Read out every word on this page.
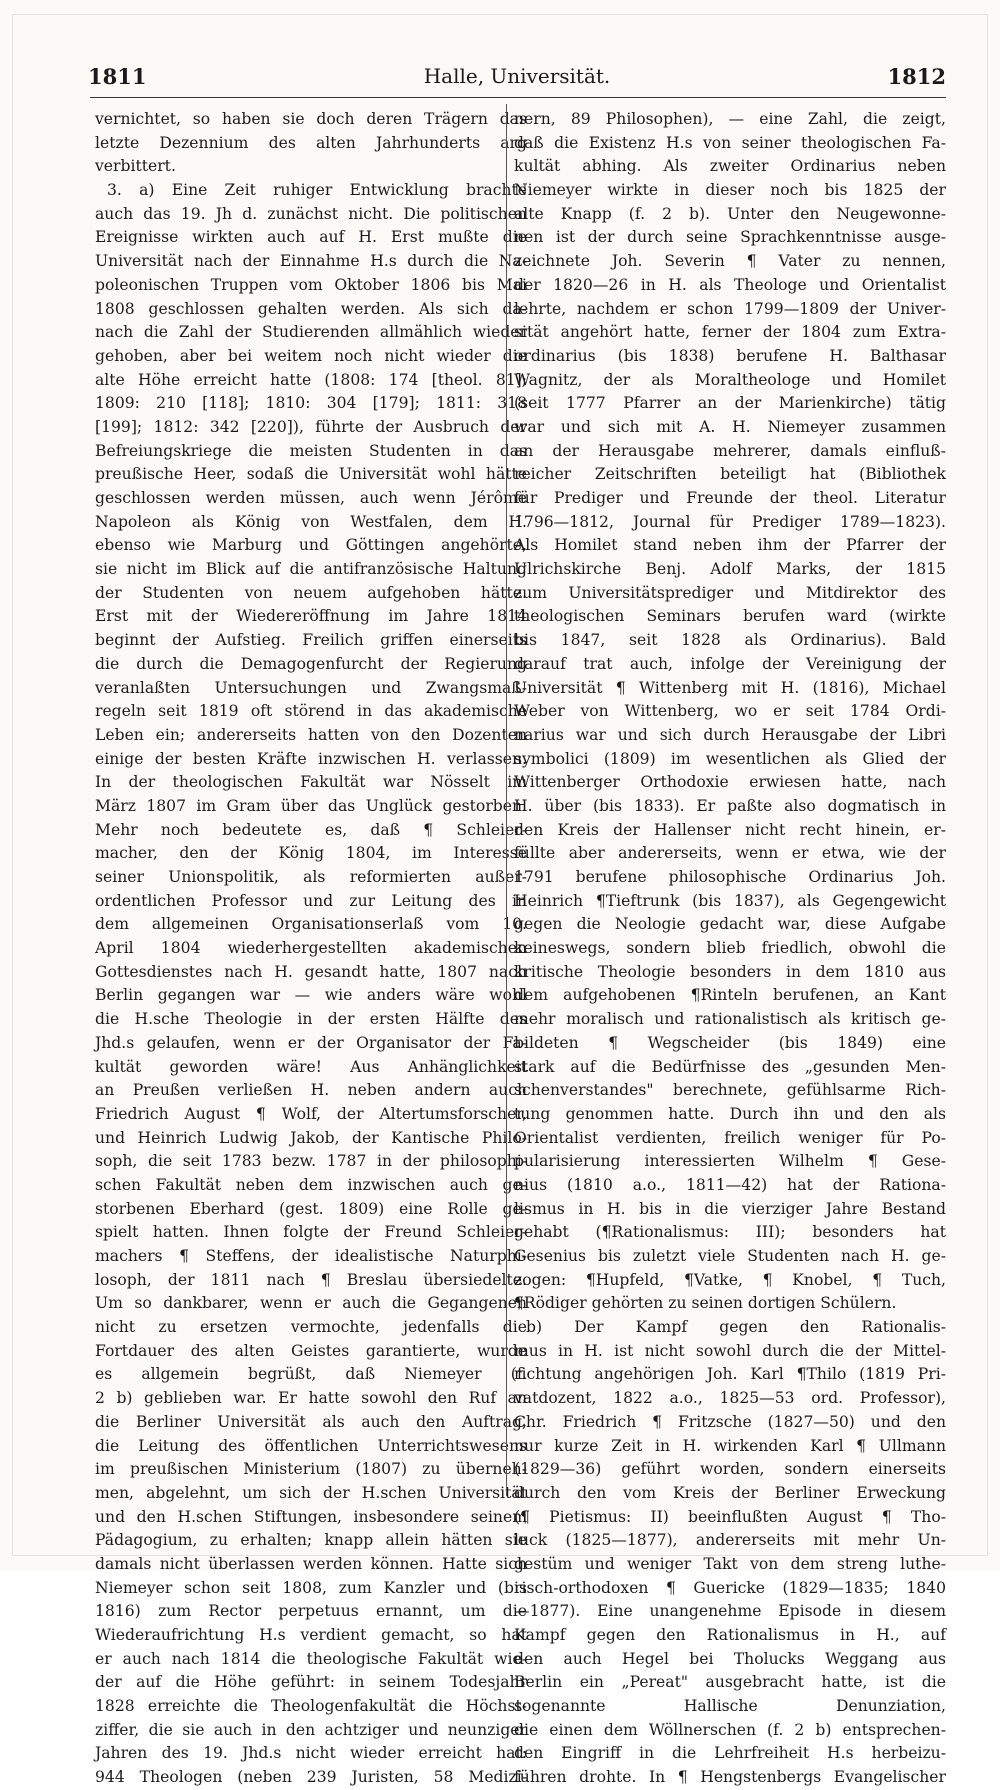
1811	Halle, Universität.	1812
vernichtet, so haben sie doch deren Trägern das
letzte Dezennium des alten Jahrhunderts arg
verbittert.
3. a) Eine Zeit ruhiger Entwicklung brachte
auch das 19. Jh d. zunächst nicht. Die politischen
Ereignisse wirkten auch auf H. Erst mußte die
Universität nach der Einnahme H.s durch die Na-
poleonischen Truppen vom Oktober 1806 bis Mai
1808 geschlossen gehalten werden. Als sich da-
nach die Zahl der Studierenden allmählich wieder
gehoben, aber bei weitem noch nicht wieder die
alte Höhe erreicht hatte (1808: 174 [theol. 81];
1809: 210 [118]; 1810: 304 [179]; 1811: 318
[199]; 1812: 342 [220]), führte der Ausbruch der
Befreiungskriege die meisten Studenten in das
preußische Heer, sodaß die Universität wohl hätte
geschlossen werden müssen, auch wenn Jérôme
Napoleon als König von Westfalen, dem H.
ebenso wie Marburg und Göttingen angehörte,
sie nicht im Blick auf die antifranzösische Haltung
der Studenten von neuem aufgehoben hätte.
Erst mit der Wiedereröffnung im Jahre 1814
beginnt der Aufstieg. Freilich griffen einerseits
die durch die Demagogenfurcht der Regierung
veranlaßten Untersuchungen und Zwangsmaß-
regeln seit 1819 oft störend in das akademische
Leben ein; andererseits hatten von den Dozenten
einige der besten Kräfte inzwischen H. verlassen.
In der theologischen Fakultät war Nösselt im
März 1807 im Gram über das Unglück gestorben.
Mehr noch bedeutete es, daß ¶ Schleier-
macher, den der König 1804, im Interesse
seiner Unionspolitik, als reformierten außer-
ordentlichen Professor und zur Leitung des in
dem allgemeinen Organisationserlaß vom 10.
April 1804 wiederhergestellten akademischen
Gottesdienstes nach H. gesandt hatte, 1807 nach
Berlin gegangen war — wie anders wäre wohl
die H.sche Theologie in der ersten Hälfte des
Jhd.s gelaufen, wenn er der Organisator der Fa-
kultät geworden wäre! Aus Anhänglichkeit
an Preußen verließen H. neben andern auch
Friedrich August ¶ Wolf, der Altertumsforscher,
und Heinrich Ludwig Jakob, der Kantische Philo-
soph, die seit 1783 bezw. 1787 in der philosophi-
schen Fakultät neben dem inzwischen auch ge-
storbenen Eberhard (gest. 1809) eine Rolle ge-
spielt hatten. Ihnen folgte der Freund Schleier-
machers ¶ Steffens, der idealistische Naturphi-
losoph, der 1811 nach ¶ Breslau übersiedelte.
Um so dankbarer, wenn er auch die Gegangenen
nicht zu ersetzen vermochte, jedenfalls die
Fortdauer des alten Geistes garantierte, wurde
es allgemein begrüßt, daß Niemeyer (f.
2 b) geblieben war. Er hatte sowohl den Ruf an
die Berliner Universität als auch den Auftrag,
die Leitung des öffentlichen Unterrichtswesens
im preußischen Ministerium (1807) zu überneh-
men, abgelehnt, um sich der H.schen Universität
und den H.schen Stiftungen, insbesondere seinem
Pädagogium, zu erhalten; knapp allein hätten sie
damals nicht überlassen werden können. Hatte sich
Niemeyer schon seit 1808, zum Kanzler und (bis
1816) zum Rector perpetuus ernannt, um die
Wiederaufrichtung H.s verdient gemacht, so hat
er auch nach 1814 die theologische Fakultät wie-
der auf die Höhe geführt: in seinem Todesjahr
1828 erreichte die Theologenfakultät die Höchst-
ziffer, die sie auch in den achtziger und neunziger
Jahren des 19. Jhd.s nicht wieder erreicht hat:
944 Theologen (neben 239 Juristen, 58 Medizi-
nern, 89 Philosophen), — eine Zahl, die zeigt,
daß die Existenz H.s von seiner theologischen Fa-
kultät abhing. Als zweiter Ordinarius neben
Niemeyer wirkte in dieser noch bis 1825 der
alte Knapp (f. 2 b). Unter den Neugewonne-
nen ist der durch seine Sprachkenntnisse ausge-
zeichnete Joh. Severin ¶ Vater zu nennen,
der 1820—26 in H. als Theologe und Orientalist
lehrte, nachdem er schon 1799—1809 der Univer-
sität angehört hatte, ferner der 1804 zum Extra-
ordinarius (bis 1838) berufene H. Balthasar
Wagnitz, der als Moraltheologe und Homilet
(seit 1777 Pfarrer an der Marienkirche) tätig
war und sich mit A. H. Niemeyer zusammen
an der Herausgabe mehrerer, damals einfluß-
reicher Zeitschriften beteiligt hat (Bibliothek
für Prediger und Freunde der theol. Literatur
1796—1812, Journal für Prediger 1789—1823).
Als Homilet stand neben ihm der Pfarrer der
Ulrichskirche Benj. Adolf Marks, der 1815
zum Universitätsprediger und Mitdirektor des
theologischen Seminars berufen ward (wirkte
bis 1847, seit 1828 als Ordinarius). Bald
darauf trat auch, infolge der Vereinigung der
Universität ¶ Wittenberg mit H. (1816), Michael
Weber von Wittenberg, wo er seit 1784 Ordi-
narius war und sich durch Herausgabe der Libri
symbolici (1809) im wesentlichen als Glied der
Wittenberger Orthodoxie erwiesen hatte, nach
H. über (bis 1833). Er paßte also dogmatisch in
den Kreis der Hallenser nicht recht hinein, er-
füllte aber andererseits, wenn er etwa, wie der
1791 berufene philosophische Ordinarius Joh.
Heinrich ¶Tieftrunk (bis 1837), als Gegengewicht
gegen die Neologie gedacht war, diese Aufgabe
keineswegs, sondern blieb friedlich, obwohl die
kritische Theologie besonders in dem 1810 aus
dem aufgehobenen ¶Rinteln berufenen, an Kant
mehr moralisch und rationalistisch als kritisch ge-
bildeten ¶ Wegscheider (bis 1849) eine
stark auf die Bedürfnisse des „gesunden Men-
schenverstandes" berechnete, gefühlsarme Rich-
tung genommen hatte. Durch ihn und den als
Orientalist verdienten, freilich weniger für Po-
pularisierung interessierten Wilhelm ¶ Gese-
nius (1810 a.o., 1811—42) hat der Rationa-
lismus in H. bis in die vierziger Jahre Bestand
gehabt (¶Rationalismus: III); besonders hat
Gesenius bis zuletzt viele Studenten nach H. ge-
zogen: ¶Hupfeld, ¶Vatke, ¶ Knobel, ¶ Tuch,
¶Rödiger gehörten zu seinen dortigen Schülern.
b) Der Kampf gegen den Rationalis-
mus in H. ist nicht sowohl durch die der Mittel-
richtung angehörigen Joh. Karl ¶Thilo (1819 Pri-
vatdozent, 1822 a.o., 1825—53 ord. Professor),
Chr. Friedrich ¶ Fritzsche (1827—50) und den
nur kurze Zeit in H. wirkenden Karl ¶ Ullmann
(1829—36) geführt worden, sondern einerseits
durch den vom Kreis der Berliner Erweckung
(¶ Pietismus: II) beeinflußten August ¶ Tho-
luck (1825—1877), andererseits mit mehr Un-
gestüm und weniger Takt von dem streng luthe-
risch-orthodoxen ¶ Guericke (1829—1835; 1840
—1877). Eine unangenehme Episode in diesem
Kampf gegen den Rationalismus in H., auf
den auch Hegel bei Tholucks Weggang aus
Berlin ein „Pereat" ausgebracht hatte, ist die
sogenannte Hallische Denunziation,
die einen dem Wöllnerschen (f. 2 b) entsprechen-
den Eingriff in die Lehrfreiheit H.s herbeizu-
führen drohte. In ¶ Hengstenbergs Evangelischer
